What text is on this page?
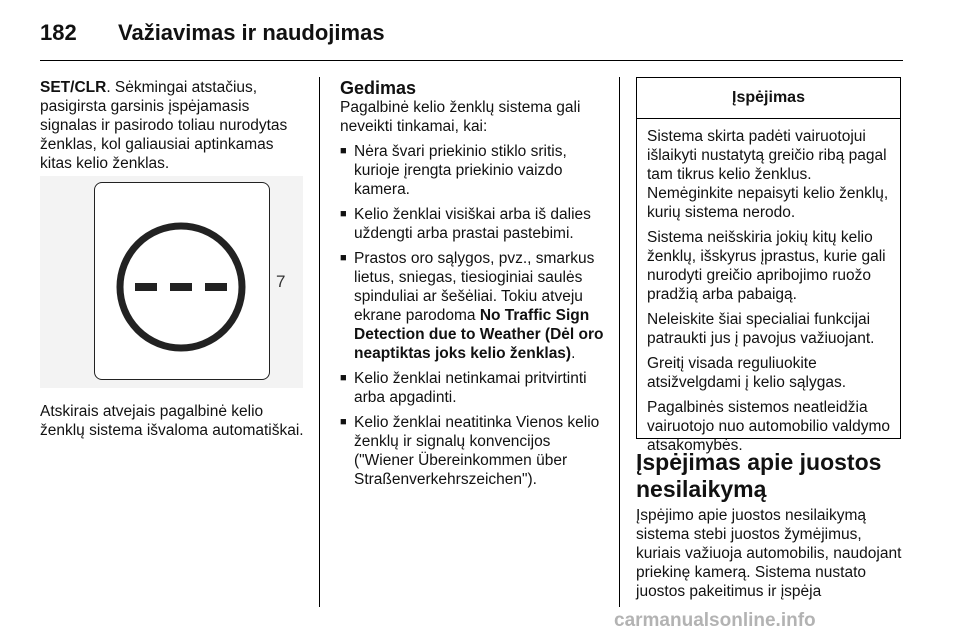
182 Važiavimas ir naudojimas

SET/CLR. Sėkmingai atstačius, pasigirsta garsinis įspėjamasis signalas ir pasirodo toliau nurodytas ženklas, kol galiausiai aptinkamas kitas kelio ženklas.

7

Atskirais atvejais pagalbinė kelio ženklų sistema išvaloma automatiškai.

Gedimas

Pagalbinė kelio ženklų sistema gali neveikti tinkamai, kai:

■ Nėra švari priekinio stiklo sritis, kurioje įrengta priekinio vaizdo kamera.
■ Kelio ženklai visiškai arba iš dalies uždengti arba prastai pastebimi.
■ Prastos oro sąlygos, pvz., smarkus lietus, sniegas, tiesioginiai saulės spinduliai ar šešėliai. Tokiu atveju ekrane parodoma No Traffic Sign Detection due to Weather (Dėl oro neaptiktas joks kelio ženklas).
■ Kelio ženklai netinkamai pritvirtinti arba apgadinti.
■ Kelio ženklai neatitinka Vienos kelio ženklų ir signalų konvencijos ("Wiener Übereinkommen über Straßenverkehrszeichen").
Įspėjimas

Sistema skirta padėti vairuotojui išlaikyti nustatytą greičio ribą pagal tam tikrus kelio ženklus. Nemėginkite nepaisyti kelio ženklų, kurių sistema nerodo.

Sistema neišskiria jokių kitų kelio ženklų, išskyrus įprastus, kurie gali nurodyti greičio apribojimo ruožo pradžią arba pabaigą.

Neleiskite šiai specialiai funkcijai patraukti jus į pavojus važiuojant.

Greitį visada reguliuokite atsižvelgdami į kelio sąlygas.

Pagalbinės sistemos neatleidžia vairuotojo nuo automobilio valdymo atsakomybės.

Įspėjimas apie juostos nesilaikymą
Įspėjimo apie juostos nesilaikymą sistema stebi juostos žymėjimus, kuriais važiuoja automobilis, naudojant priekinę kamerą. Sistema nustato juostos pakeitimus ir įspėja
carmanualsonline.info
